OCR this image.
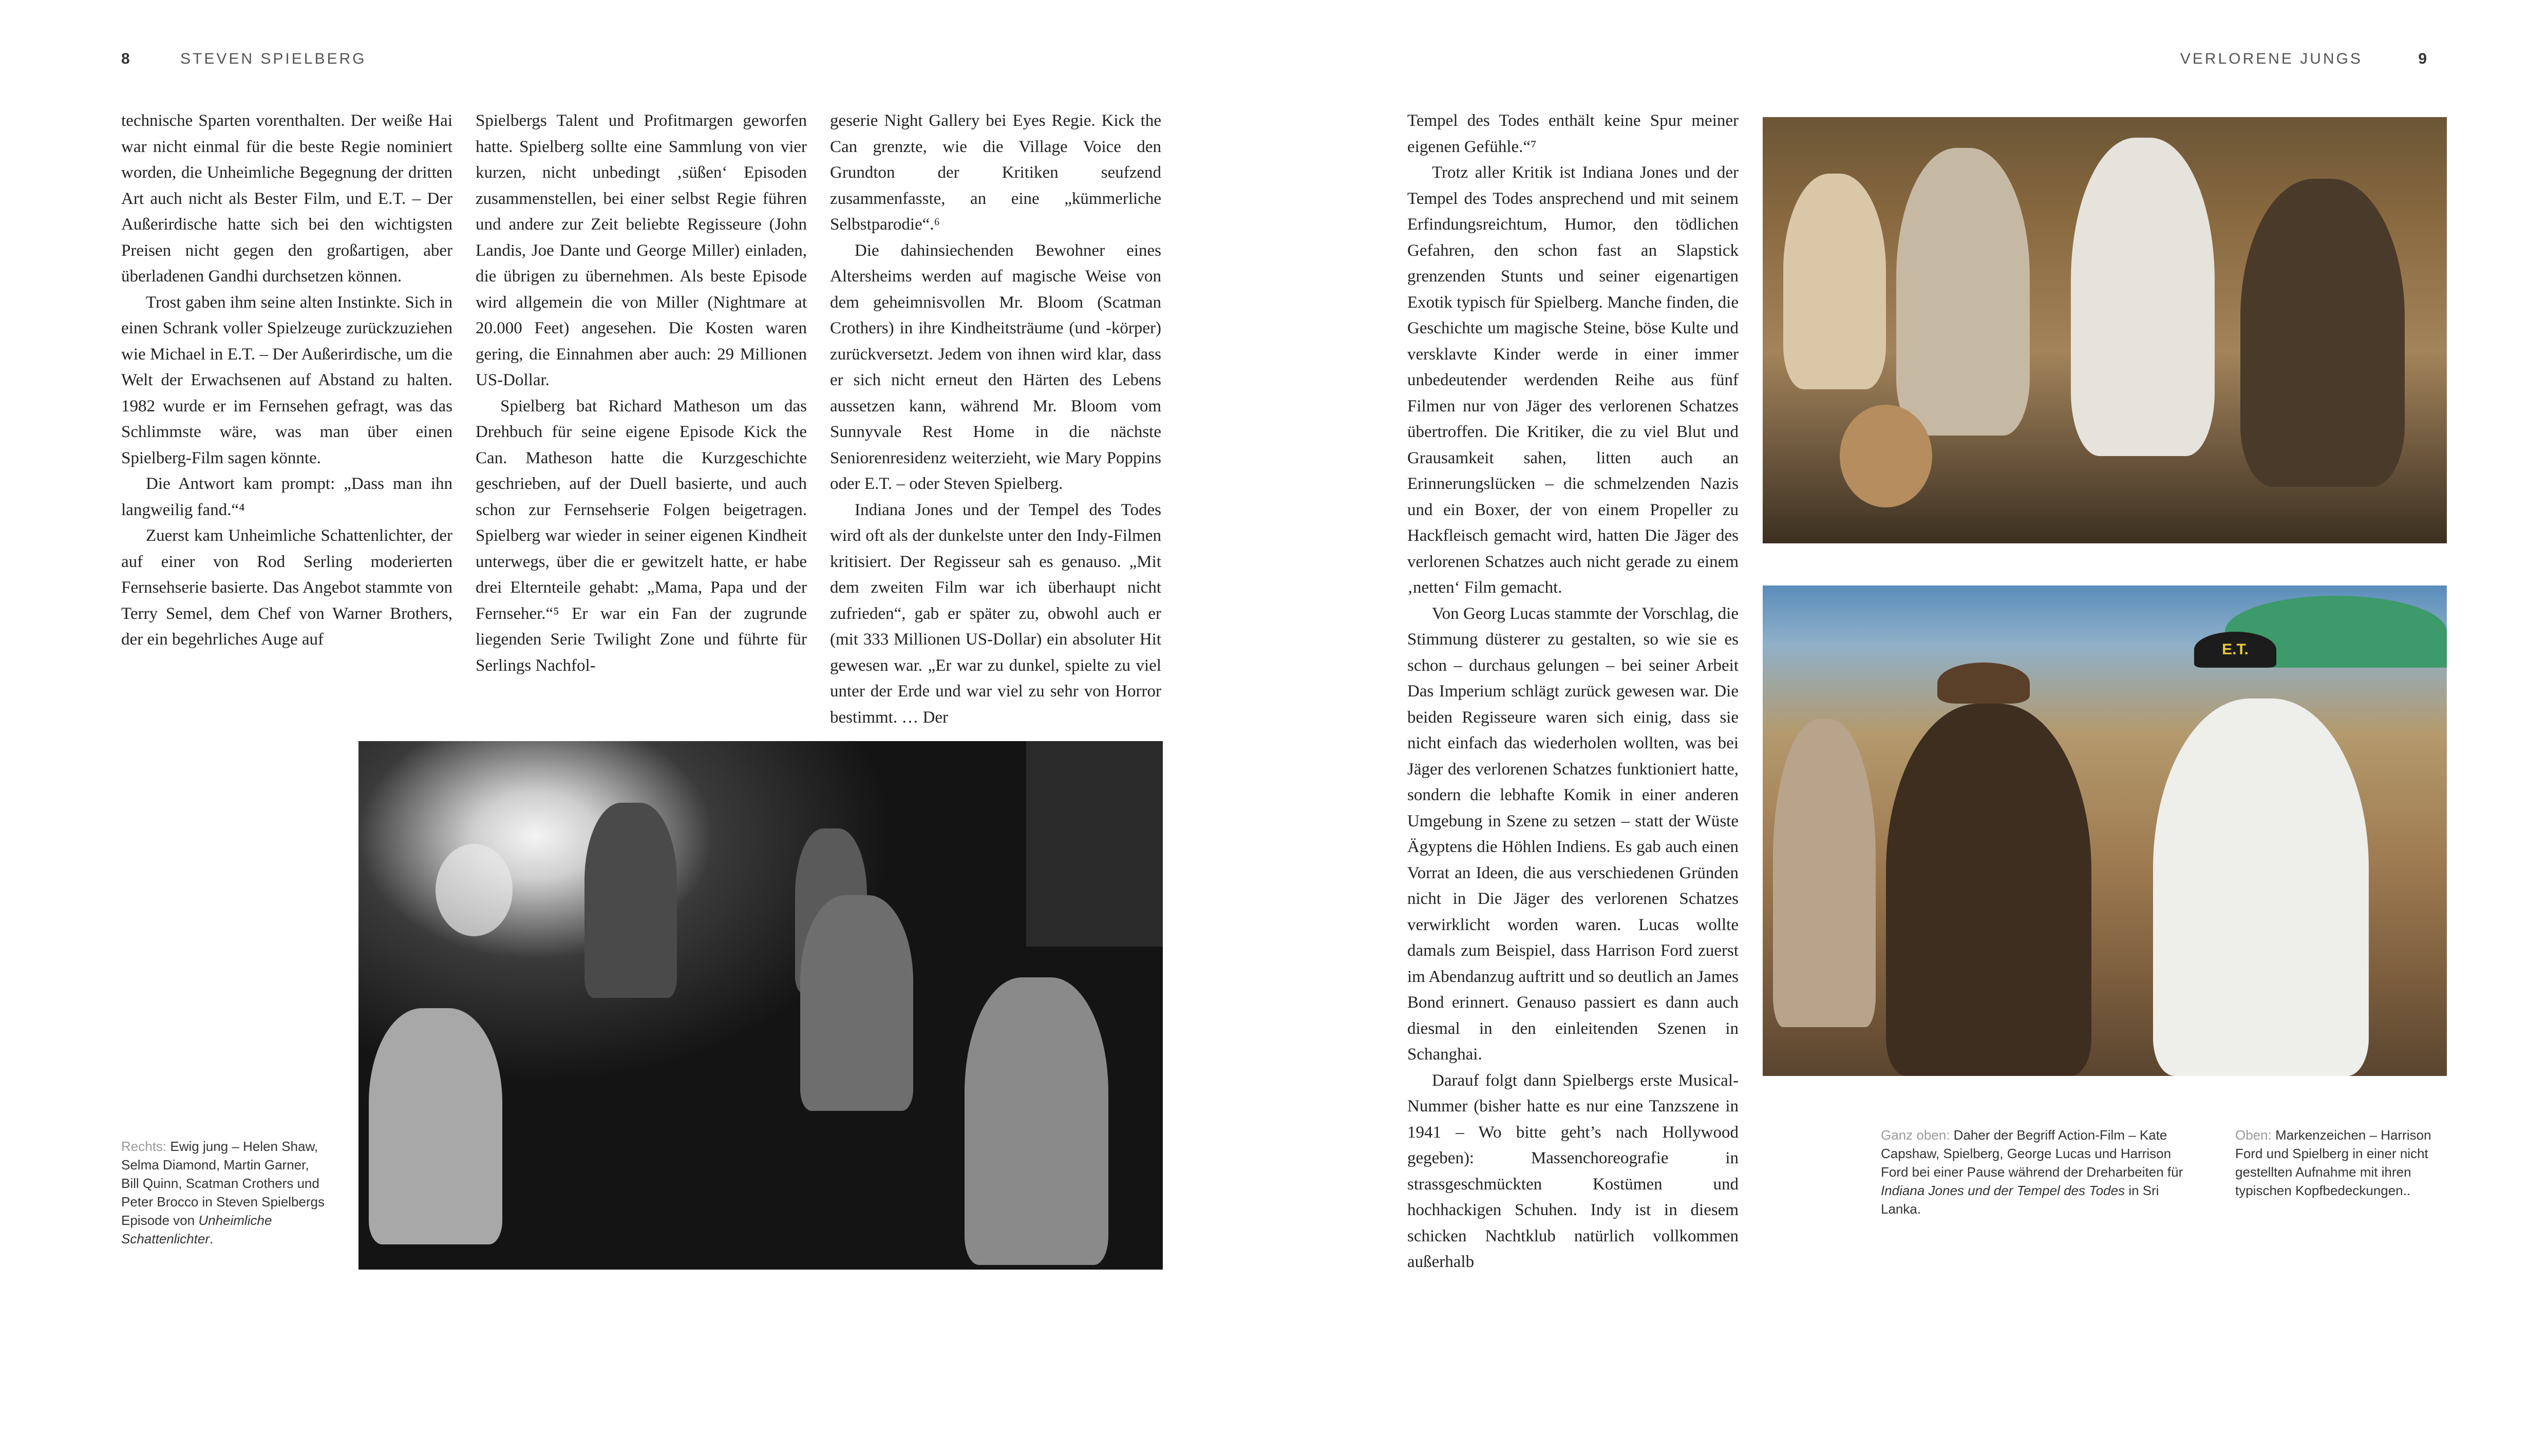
8	STEVEN SPIELBERG	VERLORENE JUNGS	9

technische Sparten vorenthalten. Der weiße Hai war nicht einmal für die beste Regie nominiert worden, die Unheimliche Begegnung der dritten Art auch nicht als Bester Film, und E.T. – Der Außerirdische hatte sich bei den wichtigsten Preisen nicht gegen den großartigen, aber überladenen Gandhi durchsetzen können.

Trost gaben ihm seine alten Instinkte. Sich in einen Schrank voller Spielzeuge zurückzuziehen wie Michael in E.T. – Der Außerirdische, um die Welt der Erwachsenen auf Abstand zu halten. 1982 wurde er im Fernsehen gefragt, was das Schlimmste wäre, was man über einen Spielberg-Film sagen könnte.

Die Antwort kam prompt: „Dass man ihn langweilig fand.“⁴

Zuerst kam Unheimliche Schattenlichter, der auf einer von Rod Serling moderierten Fernsehserie basierte. Das Angebot stammte von Terry Semel, dem Chef von Warner Brothers, der ein begehrliches Auge auf

Spielbergs Talent und Profitmargen geworfen hatte. Spielberg sollte eine Sammlung von vier kurzen, nicht unbedingt ‚süßen‘ Episoden zusammenstellen, bei einer selbst Regie führen und andere zur Zeit beliebte Regisseure (John Landis, Joe Dante und George Miller) einladen, die übrigen zu übernehmen. Als beste Episode wird allgemein die von Miller (Nightmare at 20.000 Feet) angesehen. Die Kosten waren gering, die Einnahmen aber auch: 29 Millionen US-Dollar.

Spielberg bat Richard Matheson um das Drehbuch für seine eigene Episode Kick the Can. Matheson hatte die Kurzgeschichte geschrieben, auf der Duell basierte, und auch schon zur Fernsehserie Folgen beigetragen. Spielberg war wieder in seiner eigenen Kindheit unterwegs, über die er gewitzelt hatte, er habe drei Elternteile gehabt: „Mama, Papa und der Fernseher.“⁵ Er war ein Fan der zugrunde liegenden Serie Twilight Zone und führte für Serlings Nachfol-

geserie Night Gallery bei Eyes Regie. Kick the Can grenzte, wie die Village Voice den Grundton der Kritiken seufzend zusammenfasste, an eine „kümmerliche Selbstparodie“.⁶

Die dahinsiechenden Bewohner eines Altersheims werden auf magische Weise von dem geheimnisvollen Mr. Bloom (Scatman Crothers) in ihre Kindheitsträume (und -körper) zurückversetzt. Jedem von ihnen wird klar, dass er sich nicht erneut den Härten des Lebens aussetzen kann, während Mr. Bloom vom Sunnyvale Rest Home in die nächste Seniorenresidenz weiterzieht, wie Mary Poppins oder E.T. – oder Steven Spielberg.

Indiana Jones und der Tempel des Todes wird oft als der dunkelste unter den Indy-Filmen kritisiert. Der Regisseur sah es genauso. „Mit dem zweiten Film war ich überhaupt nicht zufrieden“, gab er später zu, obwohl auch er (mit 333 Millionen US-Dollar) ein absoluter Hit gewesen war. „Er war zu dunkel, spielte zu viel unter der Erde und war viel zu sehr von Horror bestimmt. … Der

Rechts: Ewig jung – Helen Shaw, Selma Diamond, Martin Garner, Bill Quinn, Scatman Crothers und Peter Brocco in Steven Spielbergs Episode von Unheimliche Schattenlichter.

Tempel des Todes enthält keine Spur meiner eigenen Gefühle.“⁷

Trotz aller Kritik ist Indiana Jones und der Tempel des Todes ansprechend und mit seinem Erfindungsreichtum, Humor, den tödlichen Gefahren, den schon fast an Slapstick grenzenden Stunts und seiner eigenartigen Exotik typisch für Spielberg. Manche finden, die Geschichte um magische Steine, böse Kulte und versklavte Kinder werde in einer immer unbedeutender werdenden Reihe aus fünf Filmen nur von Jäger des verlorenen Schatzes übertroffen. Die Kritiker, die zu viel Blut und Grausamkeit sahen, litten auch an Erinnerungslücken – die schmelzenden Nazis und ein Boxer, der von einem Propeller zu Hackfleisch gemacht wird, hatten Die Jäger des verlorenen Schatzes auch nicht gerade zu einem ‚netten‘ Film gemacht.

Von Georg Lucas stammte der Vorschlag, die Stimmung düsterer zu gestalten, so wie sie es schon – durchaus gelungen – bei seiner Arbeit Das Imperium schlägt zurück gewesen war. Die beiden Regisseure waren sich einig, dass sie nicht einfach das wiederholen wollten, was bei Jäger des verlorenen Schatzes funktioniert hatte, sondern die lebhafte Komik in einer anderen Umgebung in Szene zu setzen – statt der Wüste Ägyptens die Höhlen Indiens. Es gab auch einen Vorrat an Ideen, die aus verschiedenen Gründen nicht in Die Jäger des verlorenen Schatzes verwirklicht worden waren. Lucas wollte damals zum Beispiel, dass Harrison Ford zuerst im Abendanzug auftritt und so deutlich an James Bond erinnert. Genauso passiert es dann auch diesmal in den einleitenden Szenen in Schanghai.

Darauf folgt dann Spielbergs erste Musical-Nummer (bisher hatte es nur eine Tanzszene in 1941 – Wo bitte geht’s nach Hollywood gegeben): Massenchoreografie in strassgeschmückten Kostümen und hochhackigen Schuhen. Indy ist in diesem schicken Nachtklub natürlich vollkommen außerhalb

E.T.
Ganz oben: Daher der Begriff Action-Film – Kate Capshaw, Spielberg, George Lucas und Harrison Ford bei einer Pause während der Dreharbeiten für Indiana Jones und der Tempel des Todes in Sri Lanka.
Oben: Markenzeichen – Harrison Ford und Spielberg in einer nicht gestellten Aufnahme mit ihren typischen Kopfbedeckungen..
